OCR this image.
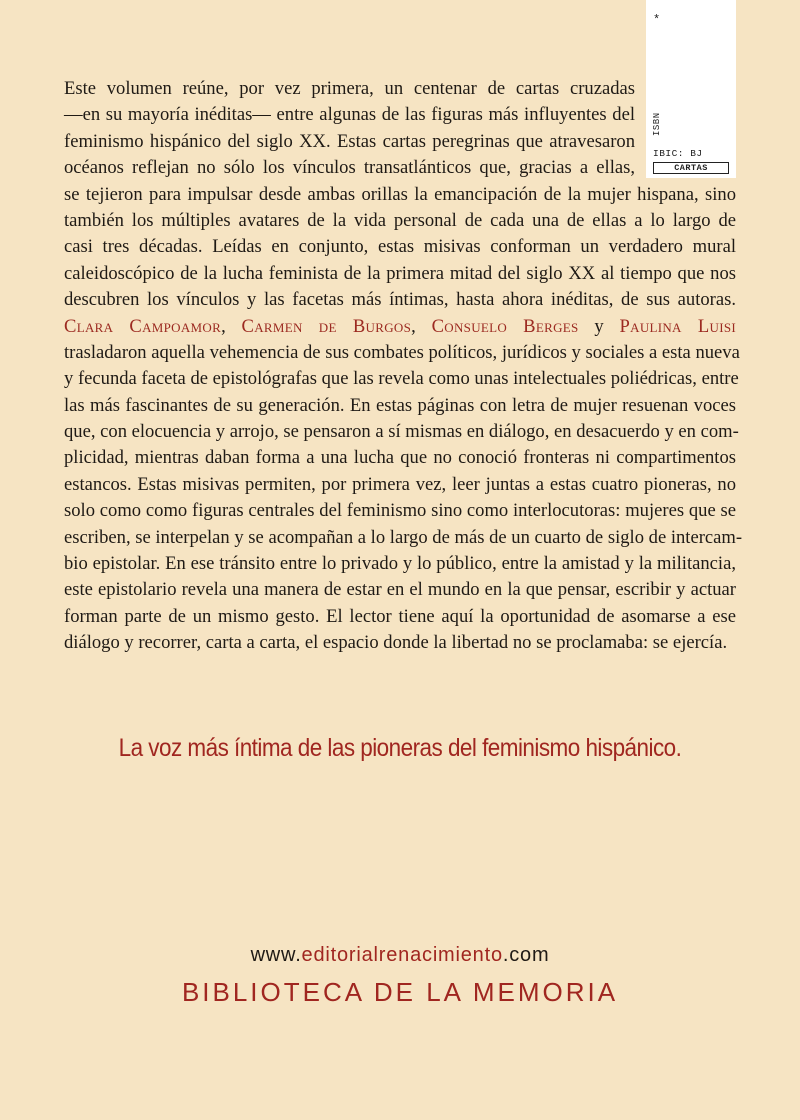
*
ISBN
IBIC: BJ
CARTAS
Este volumen reúne, por vez primera, un centenar de cartas cruzadas
—en su mayoría inéditas— entre algunas de las figuras más influyentes del
feminismo hispánico del siglo XX. Estas cartas peregrinas que atravesaron
océanos reflejan no sólo los vínculos transatlánticos que, gracias a ellas,
se tejieron para impulsar desde ambas orillas la emancipación de la mujer hispana, sino
también los múltiples avatares de la vida personal de cada una de ellas a lo largo de
casi tres décadas. Leídas en conjunto, estas misivas conforman un verdadero mural
caleidoscópico de la lucha feminista de la primera mitad del siglo XX al tiempo que nos
descubren los vínculos y las facetas más íntimas, hasta ahora inéditas, de sus autoras.
Clara Campoamor, Carmen de Burgos, Consuelo Berges y Paulina Luisi
trasladaron aquella vehemencia de sus combates políticos, jurídicos y sociales a esta nueva
y fecunda faceta de epistológrafas que las revela como unas intelectuales poliédricas, entre
las más fascinantes de su generación. En estas páginas con letra de mujer resuenan voces
que, con elocuencia y arrojo, se pensaron a sí mismas en diálogo, en desacuerdo y en com-
plicidad, mientras daban forma a una lucha que no conoció fronteras ni compartimentos
estancos. Estas misivas permiten, por primera vez, leer juntas a estas cuatro pioneras, no
solo como como figuras centrales del feminismo sino como interlocutoras: mujeres que se
escriben, se interpelan y se acompañan a lo largo de más de un cuarto de siglo de intercam-
bio epistolar. En ese tránsito entre lo privado y lo público, entre la amistad y la militancia,
este epistolario revela una manera de estar en el mundo en la que pensar, escribir y actuar
forman parte de un mismo gesto. El lector tiene aquí la oportunidad de asomarse a ese
diálogo y recorrer, carta a carta, el espacio donde la libertad no se proclamaba: se ejercía.
La voz más íntima de las pioneras del feminismo hispánico.
www.editorialrenacimiento.com
BIBLIOTECA DE LA MEMORIA
